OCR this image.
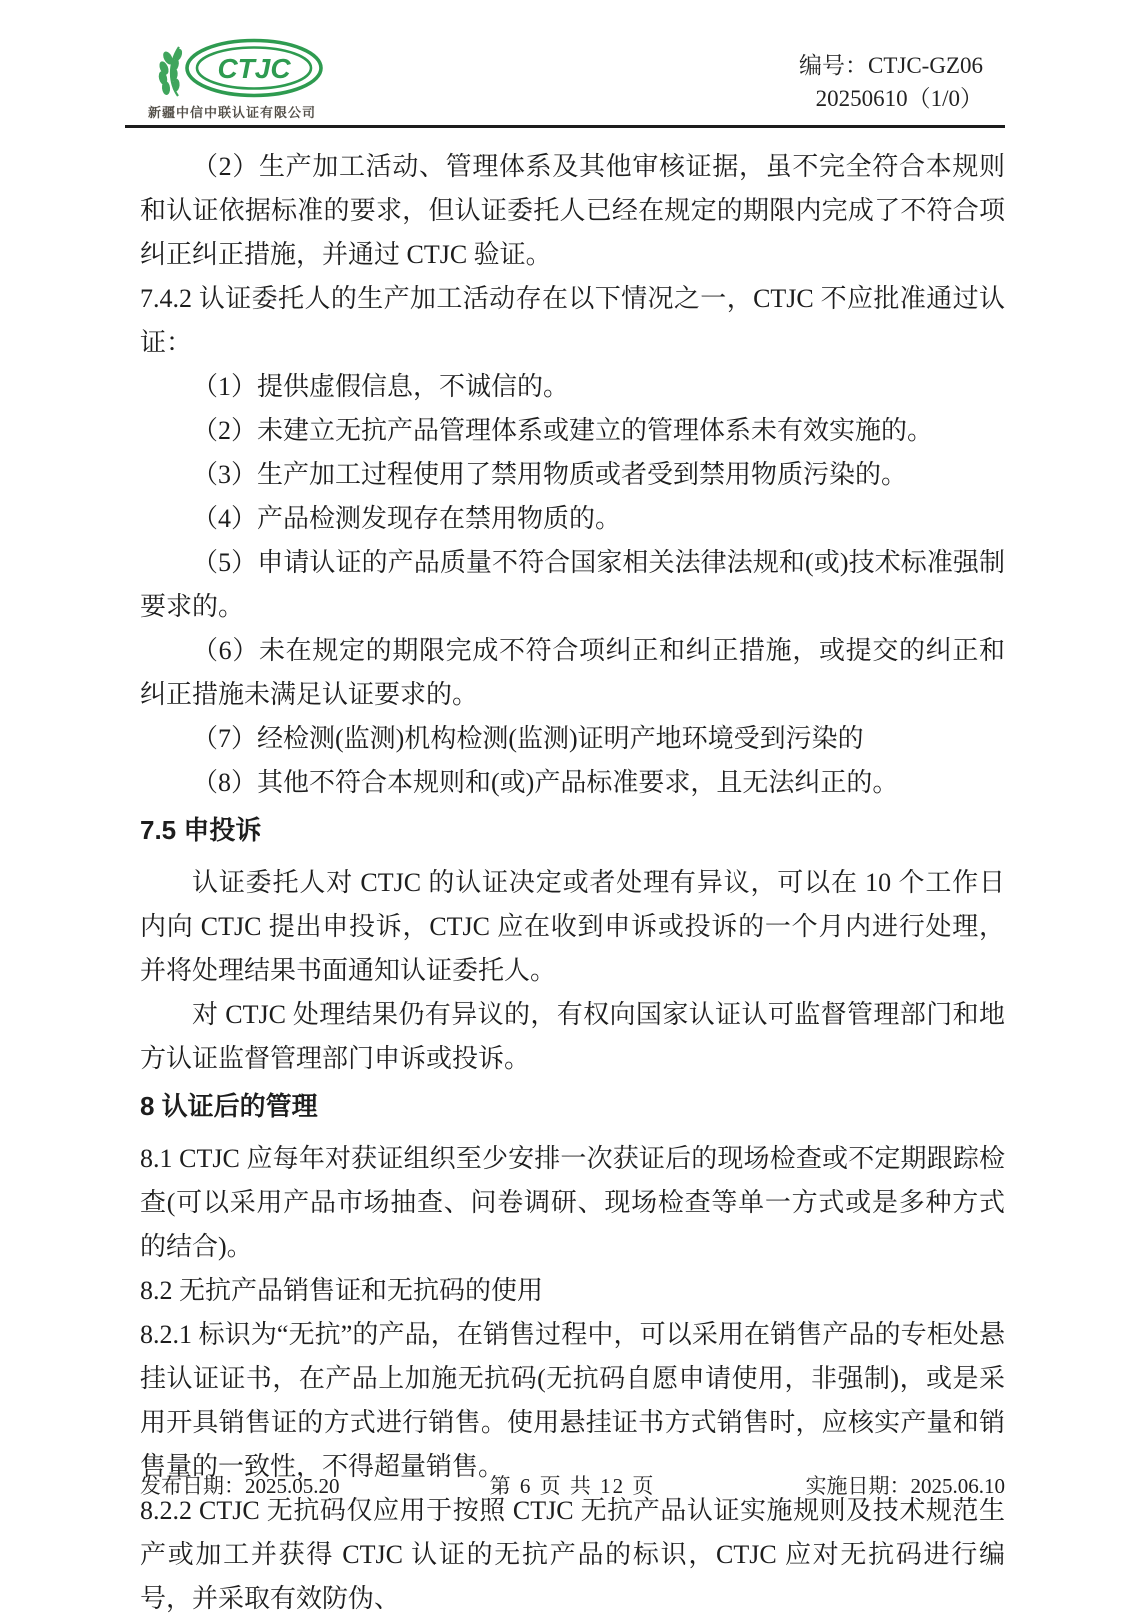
CTJC
新疆中信中联认证有限公司
编号：CTJC-GZ06
20250610（1/0）

（2）生产加工活动、管理体系及其他审核证据，虽不完全符合本规则和认证依据标准的要求，但认证委托人已经在规定的期限内完成了不符合项纠正纠正措施，并通过 CTJC 验证。

7.4.2 认证委托人的生产加工活动存在以下情况之一，CTJC 不应批准通过认证：

（1）提供虚假信息，不诚信的。

（2）未建立无抗产品管理体系或建立的管理体系未有效实施的。

（3）生产加工过程使用了禁用物质或者受到禁用物质污染的。

（4）产品检测发现存在禁用物质的。

（5）申请认证的产品质量不符合国家相关法律法规和(或)技术标准强制要求的。

（6）未在规定的期限完成不符合项纠正和纠正措施，或提交的纠正和纠正措施未满足认证要求的。

（7）经检测(监测)机构检测(监测)证明产地环境受到污染的

（8）其他不符合本规则和(或)产品标准要求，且无法纠正的。

7.5 申投诉

认证委托人对 CTJC 的认证决定或者处理有异议，可以在 10 个工作日内向 CTJC 提出申投诉，CTJC 应在收到申诉或投诉的一个月内进行处理，并将处理结果书面通知认证委托人。

对 CTJC 处理结果仍有异议的，有权向国家认证认可监督管理部门和地方认证监督管理部门申诉或投诉。

8 认证后的管理

8.1 CTJC 应每年对获证组织至少安排一次获证后的现场检查或不定期跟踪检查(可以采用产品市场抽查、问卷调研、现场检查等单一方式或是多种方式的结合)。

8.2 无抗产品销售证和无抗码的使用

8.2.1 标识为“无抗”的产品，在销售过程中，可以采用在销售产品的专柜处悬挂认证证书，在产品上加施无抗码(无抗码自愿申请使用，非强制)，或是采用开具销售证的方式进行销售。使用悬挂证书方式销售时，应核实产量和销售量的一致性，不得超量销售。

8.2.2 CTJC 无抗码仅应用于按照 CTJC 无抗产品认证实施规则及技术规范生产或加工并获得 CTJC 认证的无抗产品的标识，CTJC 应对无抗码进行编号，并采取有效防伪、

发布日期：2025.05.20	第 6 页 共 12 页	实施日期：2025.06.10
